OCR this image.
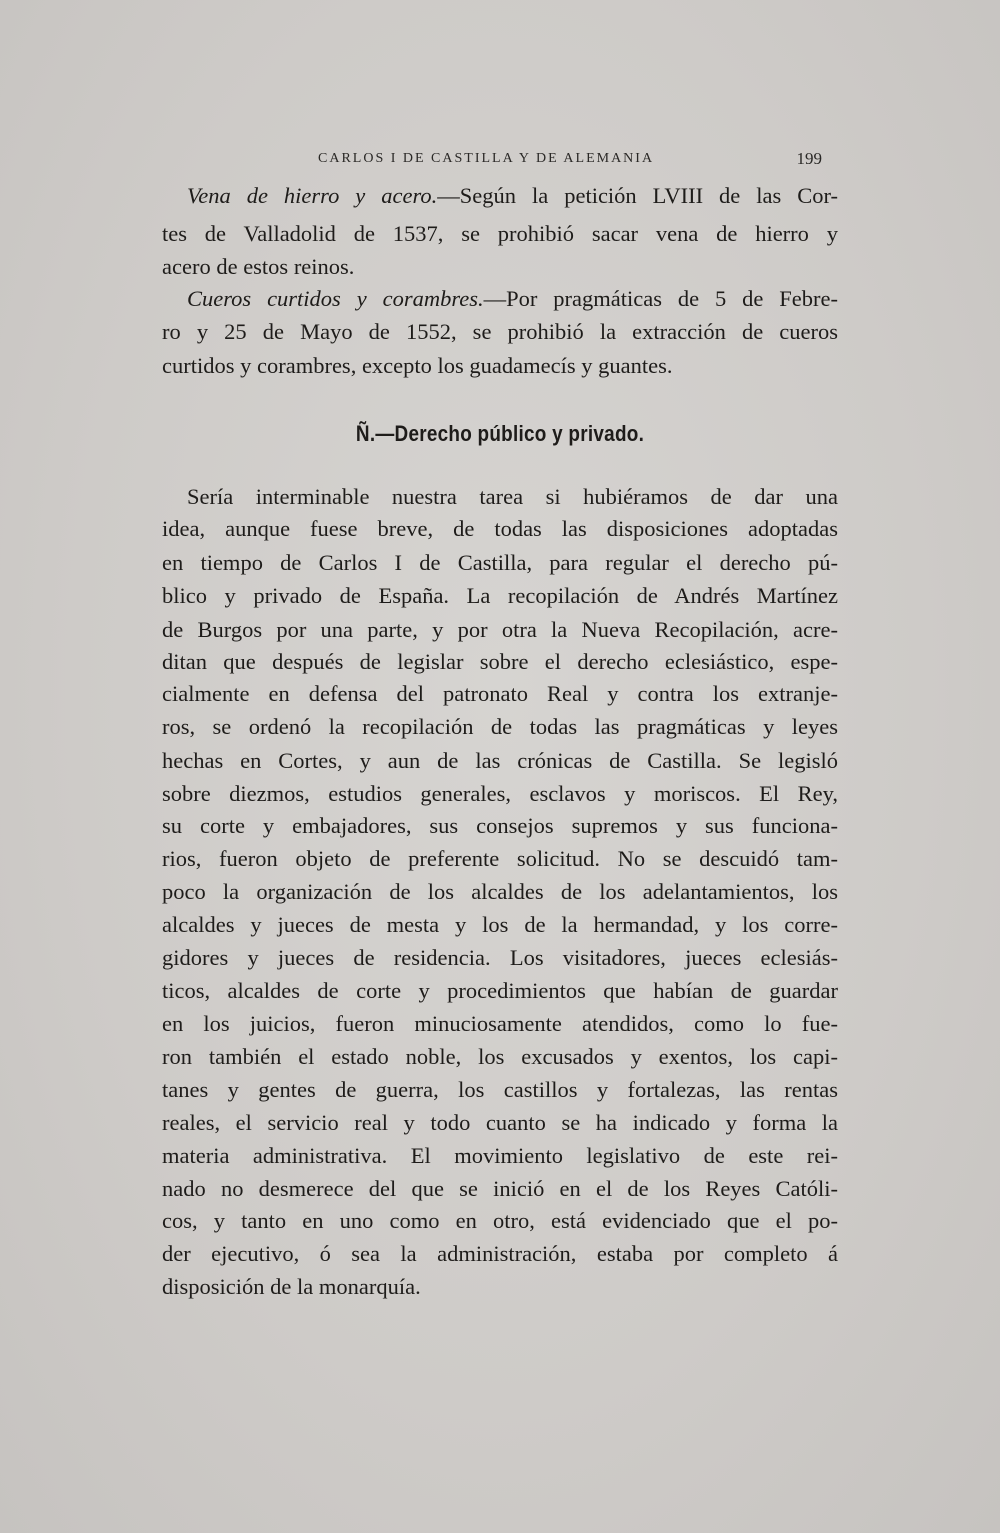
CARLOS I DE CASTILLA Y DE ALEMANIA	199
Vena de hierro y acero.—Según la petición LVIII de las Cor-
tes de Valladolid de 1537, se prohibió sacar vena de hierro y
acero de estos reinos.
Cueros curtidos y corambres.—Por pragmáticas de 5 de Febre-
ro y 25 de Mayo de 1552, se prohibió la extracción de cueros
curtidos y corambres, excepto los guadamecís y guantes.
Ñ.—Derecho público y privado.
Sería interminable nuestra tarea si hubiéramos de dar una
idea, aunque fuese breve, de todas las disposiciones adoptadas
en tiempo de Carlos I de Castilla, para regular el derecho pú-
blico y privado de España. La recopilación de Andrés Martínez
de Burgos por una parte, y por otra la Nueva Recopilación, acre-
ditan que después de legislar sobre el derecho eclesiástico, espe-
cialmente en defensa del patronato Real y contra los extranje-
ros, se ordenó la recopilación de todas las pragmáticas y leyes
hechas en Cortes, y aun de las crónicas de Castilla. Se legisló
sobre diezmos, estudios generales, esclavos y moriscos. El Rey,
su corte y embajadores, sus consejos supremos y sus funciona-
rios, fueron objeto de preferente solicitud. No se descuidó tam-
poco la organización de los alcaldes de los adelantamientos, los
alcaldes y jueces de mesta y los de la hermandad, y los corre-
gidores y jueces de residencia. Los visitadores, jueces eclesiás-
ticos, alcaldes de corte y procedimientos que habían de guardar
en los juicios, fueron minuciosamente atendidos, como lo fue-
ron también el estado noble, los excusados y exentos, los capi-
tanes y gentes de guerra, los castillos y fortalezas, las rentas
reales, el servicio real y todo cuanto se ha indicado y forma la
materia administrativa. El movimiento legislativo de este rei-
nado no desmerece del que se inició en el de los Reyes Católi-
cos, y tanto en uno como en otro, está evidenciado que el po-
der ejecutivo, ó sea la administración, estaba por completo á
disposición de la monarquía.
